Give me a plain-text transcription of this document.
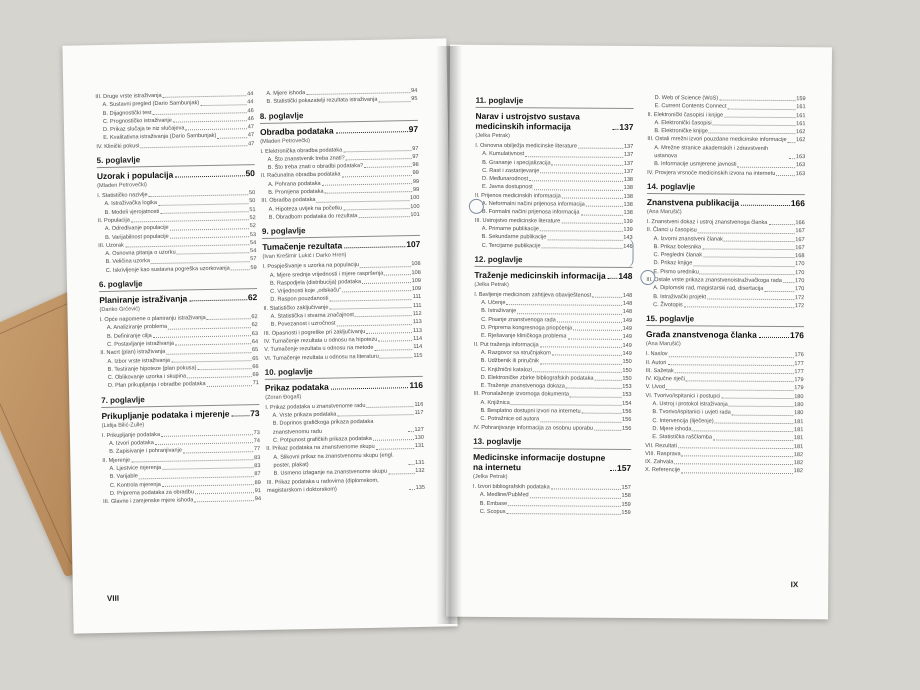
III. Druge vrste istraživanja	44
A. Sustavni pregled (Dario Sambunjak)	44
B. Dijagnostički test	46
C. Prognostičko istraživanje	46
D. Prikaz slučaja te niz slučajeva	47
E. Kvalitativna istraživanja (Dario Sambunjak)	47
IV. Klinički pokusi	47
5. poglavlje
Uzorak i populacija	50
(Mladen Petrovečki)
I. Statističko nazivlje	50
A. Istraživačka logika	50
B. Modeli vjerojatnosti	51
II. Populacija	52
A. Određivanje populacije	52
B. Varijabilnost populacije	53
III. Uzorak	54
A. Osnovna pitanja o uzorku	54
B. Veličina uzorka	57
C. Iskrivljenje kao sustavna pogreška uzorkovanja	59
6. poglavlje
Planiranje istraživanja	62
(Danko Grčević)
I. Opće napomene o planiranju istraživanja	62
A. Analiziranje problema	62
B. Definiranje cilja	63
C. Postavljanje istraživanja	64
II. Nacrt (plan) istraživanja	65
A. Izbor vrste istraživanja	65
B. Testiranje hipoteze (plan pokusa)	66
C. Oblikovanje uzorka i skupina	69
D. Plan prikupljanja i obradbe podataka	71
7. poglavlje
Prikupljanje podataka i mjerenje 73
(Lidija Bilić-Zulle)
I. Prikupljanje podataka	73
A. Izvori podataka	74
B. Zapisivanje i pohranjivanje	77
II. Mjerenje	83
A. Ljestvice mjerenja	83
B. Varijable	87
C. Kontrola mjerenja	89
D. Priprema podataka za obradbu	91
III. Glavne i zamjenske mjere ishoda	94
A. Mjere ishoda	94
B. Statistički pokazatelji rezultata istraživanja	95
8. poglavlje
Obradba podataka	97
(Mladen Petrovečki)
I. Elektronička obradba podataka	97
A. Što znanstvenik treba znati?	97
B. Što treba znati o obradbi podataka?	98
II. Računalna obradba podataka	99
A. Pohrana podataka	99
B. Promjena podataka	99
III. Obradba podataka	100
A. Hipoteza uvijek na početku	100
B. Obradbom podataka do rezultata	101
9. poglavlje
Tumačenje rezultata	107
(Ivan Krešimir Lukić i Darko Hren)
I. Pospješivanje s uzorka na populaciju	108
A. Mjere srednje vrijednosti i mjere raspršenja	108
B. Raspodjela (distribucija) podataka	109
C. Vrijednosti koje „odskaču"	109
D. Raspon pouzdanosti	111
II. Statističko zaključivanje	111
A. Statistička i stvarna značajnost	112
B. Povezanost i uzročnost	113
III. Opasnosti i pogreške pri zaključivanju	113
IV. Tumačenje rezultata u odnosu na hipotezu	114
V. Tumačenje rezultata u odnosu na metode	114
VI. Tumačenje rezultata u odnosu na literaturu	115
10. poglavlje
Prikaz podataka	116
(Zoran Đogaš)
I. Prikaz podataka u znanstvenome radu	116
A. Vrste prikaza podataka	117
B. Doprinos grafičkoga prikaza podataka znanstvenomu radu	127
C. Potpunost grafičkih prikaza podataka	130
II. Prikaz podataka na znanstvenome skupu	131
A. Slikovni prikaz na znanstvenomu skupu (engl. poster, plakat)	131
B. Usmeno izlaganje na znanstvenome skupu	132
III. Prikaz podataka u radovima (diplomskom, magistarskom i doktorskom)	135
VIII
11. poglavlje
Narav i ustrojstvo sustava medicinskih informacija	137
(Jelka Petrak)
I. Osnovna obilježja medicinske literature	137
A. Kumulativnost	137
B. Grananje i specijalizacija	137
C. Rast i zastarijevanje	137
D. Međunarodnost	138
E. Javna dostupnost	138
II. Prijenos medicinskih informacija	138
A. Neformalni načini prijenosa informacija	138
B. Formalni načini prijenosa informacija	138
III. Ustrojstvo medicinske literature	139
A. Primarne publikacije	139
B. Sekundarne publikacije	143
C. Tercijarne publikacije	146
12. poglavlje
Traženje medicinskih informacija 148
(Jelka Petrak)
I. Bavljenje medicinom zahtijeva obaviještenost	148
A. Učenje	148
B. Istraživanje	148
C. Pisanje znanstvenoga rada	149
D. Priprema kongresnoga priopćenja	149
E. Rješavanje kliničkoga problema	149
II. Put traženja informacija	149
A. Razgovor sa stručnjakom	149
B. Udžbenik ili priručnik	150
C. Knjižnični katalozi	150
D. Elektroničke zbirke bibliografskih podataka	150
E. Traženje znanstvenoga dokaza	153
III. Pronalaženje izvornoga dokumenta	153
A. Knjižnica	154
B. Besplatno dostupni izvori na internetu	156
C. Potražnice od autora	156
IV. Pohranjivanje informacija za osobnu uporabu	156
13. poglavlje
Medicinske informacije dostupne na internetu	157
(Jelka Petrak)
I. Izvori bibliografskih podataka	157
A. Medline/PubMed	158
B. Embase	159
C. Scopus	159
D. Web of Science (WoS)	159
E. Current Contents Connect	161
II. Elektronički časopisi i knjige	161
A. Elektronički časopisi	161
B. Elektroničke knjige	162
III. Ostali mrežni izvori pouzdane medicinske informacije 162
A. Mrežne stranice akademskih i zdravstvenih ustanova	163
B. Informacije usmjerene javnosti	163
IV. Provjera vrsnoće medicinskih izvora na internetu	163
14. poglavlje
Znanstvena publikacija	166
(Ana Marušić)
I. Znanstveni dokaz i ustroj znanstvenoga članka	166
II. Članci u časopisu	167
A. Izvorni znanstveni članak	167
B. Prikaz bolesnika	167
C. Pregledni članak	168
D. Prikaz knjige	170
E. Pismo uredniku	170
III. Ostale vrste prikaza znanstvenoistraživačkoga rada 170
A. Diplomski rad, magistarski rad, disertacija	170
B. Istraživački projekt	172
C. Životopis	172
15. poglavlje
Građa znanstvenoga članka	176
(Ana Marušić)
I. Naslov	176
II. Autori	177
III. Sažetak	177
IV. Ključne riječi	179
V. Uvod	179
VI. Tvorivo/ispitanici i postupci	180
A. Ustroj i protokol istraživanja	180
B. Tvorivo/ispitanici i uvjeti rada	180
C. Intervencija (liječenje)	181
D. Mjere ishoda	181
E. Statistička raščlamba	181
VII. Rezultati	181
VIII. Rasprava	182
IX. Zahvala	182
X. Referencije	182
IX
